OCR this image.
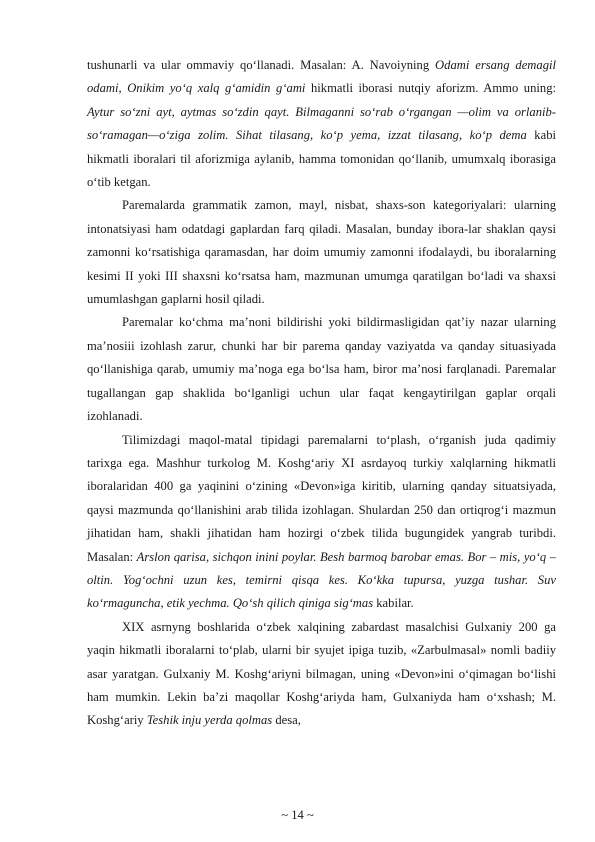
tushunarli va ular ommaviy qo‘llanadi. Masalan: A. Navoiyning Odami ersang demagil odami, Onikim yo‘q xalq g‘amidin g‘ami hikmatli iborasi nutqiy aforizm. Ammo uning: Aytur so‘zni ayt, aytmas so‘zdin qayt. Bilmaganni so‘rab o‘rgangan —olim va orlanib-so‘ramagan—o‘ziga zolim. Sihat tilasang, ko‘p yema, izzat tilasang, ko‘p dema kabi hikmatli iboralari til aforizmiga aylanib, hamma tomonidan qo‘llanib, umumxalq iborasiga o‘tib ketgan.

Paremalarda grammatik zamon, mayl, nisbat, shaxs-son kategoriyalari: ularning intonatsiyasi ham odatdagi gaplardan farq qiladi. Masalan, bunday ibora-lar shaklan qaysi zamonni ko‘rsatishiga qaramasdan, har doim umumiy zamonni ifodalaydi, bu iboralarning kesimi II yoki III shaxsni ko‘rsatsa ham, mazmunan umumga qaratilgan bo‘ladi va shaxsi umumlashgan gaplarni hosil qiladi.

Paremalar ko‘chma ma’noni bildirishi yoki bildirmasligidan qat’iy nazar ularning ma’nosiii izohlash zarur, chunki har bir parema qanday vaziyatda va qanday situasiyada qo‘llanishiga qarab, umumiy ma’noga ega bo‘lsa ham, biror ma’nosi farqlanadi. Paremalar tugallangan gap shaklida bo‘lganligi uchun ular faqat kengaytirilgan gaplar orqali izohlanadi.

Tilimizdagi maqol-matal tipidagi paremalarni to‘plash, o‘rganish juda qadimiy tarixga ega. Mashhur turkolog M. Koshg‘ariy XI asrdayoq turkiy xalqlarning hikmatli iboralaridan 400 ga yaqinini o‘zining «Devon»iga kiritib, ularning qanday situatsiyada, qaysi mazmunda qo‘llanishini arab tilida izohlagan. Shulardan 250 dan ortiqrog‘i mazmun jihatidan ham, shakli jihatidan ham hozirgi o‘zbek tilida bugungidek yangrab turibdi. Masalan: Arslon qarisa, sichqon inini poylar. Besh barmoq barobar emas. Bor – mis, yo‘q – oltin. Yog‘ochni uzun kes, temirni qisqa kes. Ko‘kka tupursa, yuzga tushar. Suv ko‘rmaguncha, etik yechma. Qo‘sh qilich qiniga sig‘mas kabilar.

XIX asrnyng boshlarida o‘zbek xalqining zabardast masalchisi Gulxaniy 200 ga yaqin hikmatli iboralarni to‘plab, ularni bir syujet ipiga tuzib, «Zarbulmasal» nomli badiiy asar yaratgan. Gulxaniy M. Koshg‘ariyni bilmagan, uning «Devon»ini o‘qimagan bo‘lishi ham mumkin. Lekin ba’zi maqollar Koshg‘ariyda ham, Gulxaniyda ham o‘xshash; M. Koshg‘ariy Teshik inju yerda qolmas desa,

~ 14 ~
